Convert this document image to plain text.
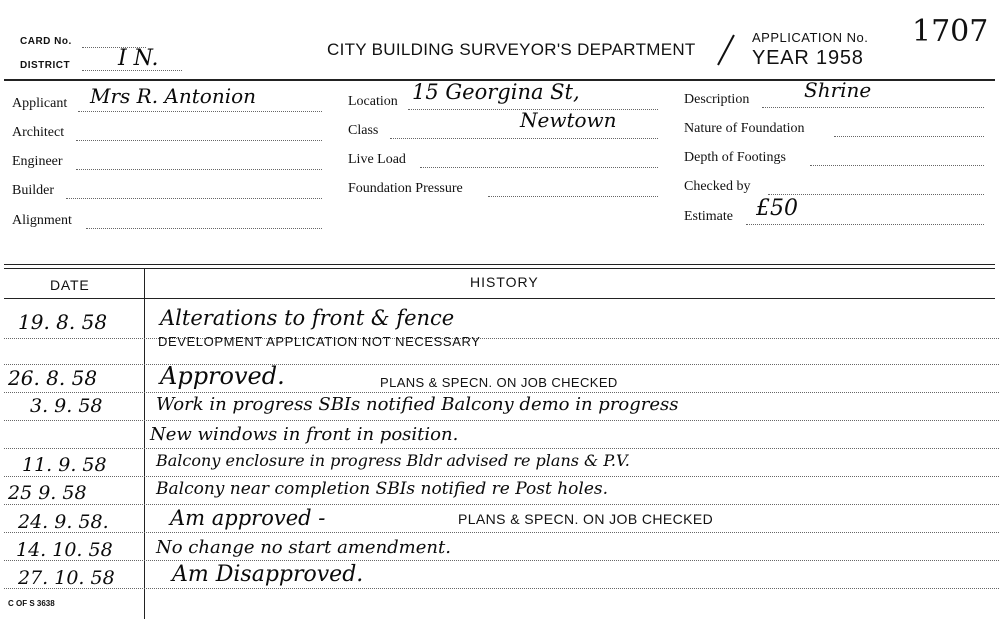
CARD No.
DISTRICT I N.	CITY BUILDING SURVEYOR'S DEPARTMENT
APPLICATION No. 1707
YEAR 1958
Applicant Mrs R. Antonion
Architect
Engineer
Builder
Alignment
Location 15 Georgina St,
Class	Newtown
Live Load
Foundation Pressure
Description	Shrine
Nature of Foundation
Depth of Footings
Checked by
Estimate £50
DATE	HISTORY
19. 8. 58	Alterations to front & fence
DEVELOPMENT APPLICATION NOT NECESSARY
26. 8. 58	Approved.	PLANS & SPECN. ON JOB CHECKED
3. 9. 58	Work in progress SBIs notified Balcony demo in progress
New windows in front in position.
11. 9. 58	Balcony enclosure in progress Bldr advised re plans & P.V.
25 9. 58	Balcony near completion SBIs notified re Post holes.
24. 9. 58.	Am approved -	PLANS & SPECN. ON JOB CHECKED
14. 10. 58 No change no start amendment.
27. 10. 58	Am Disapproved.
C OF S 3638
